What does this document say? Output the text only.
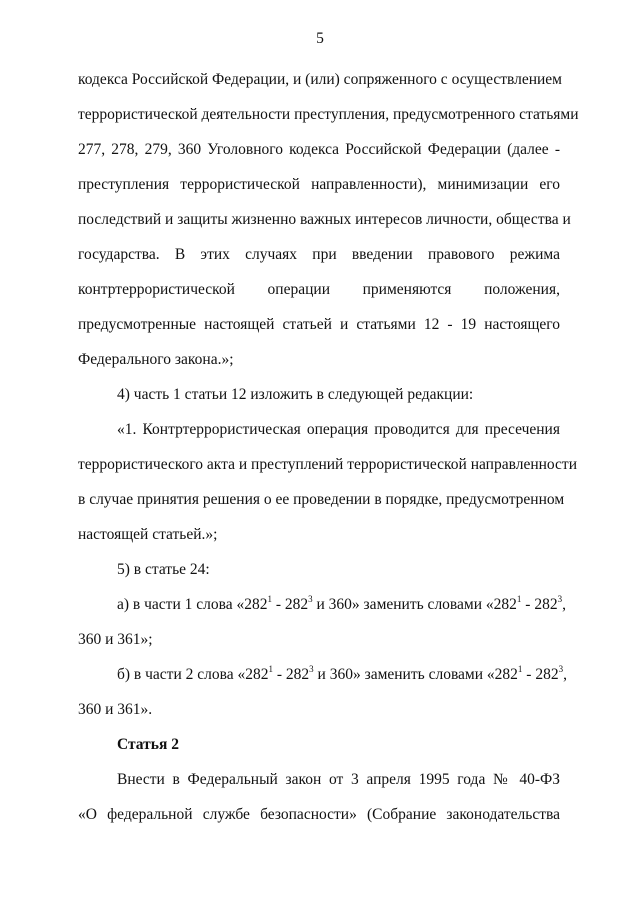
5
кодекса Российской Федерации, и (или) сопряженного с осуществлением
террористической деятельности преступления, предусмотренного статьями
277, 278, 279, 360 Уголовного кодекса Российской Федерации (далее -
преступления террористической направленности), минимизации его
последствий и защиты жизненно важных интересов личности, общества и
государства. В этих случаях при введении правового режима
контртеррористической операции применяются положения,
предусмотренные настоящей статьей и статьями 12 - 19 настоящего
Федерального закона.»;
4) часть 1 статьи 12 изложить в следующей редакции:
«1. Контртеррористическая операция проводится для пресечения
террористического акта и преступлений террористической направленности
в случае принятия решения о ее проведении в порядке, предусмотренном
настоящей статьей.»;
5) в статье 24:
а) в части 1 слова «$282^1 - 282^3$ и 360» заменить словами «$282^1 - 282^3$,
360 и 361»;
б) в части 2 слова «$282^1 - 282^3$ и 360» заменить словами «$282^1 - 282^3$,
360 и 361».
Статья 2
Внести в Федеральный закон от 3 апреля 1995 года № 40-ФЗ
«О федеральной службе безопасности» (Собрание законодательства
